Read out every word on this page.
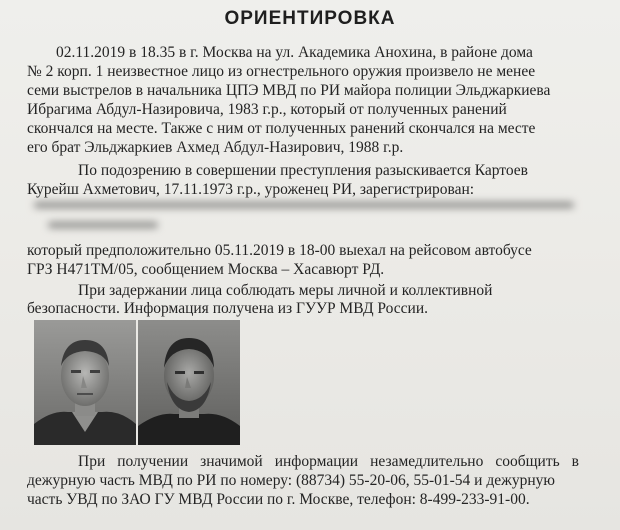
ОРИЕНТИРОВКА
02.11.2019 в 18.35 в г. Москва на ул. Академика Анохина, в районе дома
№ 2 корп. 1 неизвестное лицо из огнестрельного оружия произвело не менее
семи выстрелов в начальника ЦПЭ МВД по РИ майора полиции Эльджаркиева
Ибрагима Абдул-Назировича, 1983 г.р., который от полученных ранений
скончался на месте. Также с ним от полученных ранений скончался на месте
его брат Эльджаркиев Ахмед Абдул-Назирович, 1988 г.р.
По подозрению в совершении преступления разыскивается Картоев
Курейш Ахметович, 17.11.1973 г.р., уроженец РИ, зарегистрирован:
который предположительно 05.11.2019 в 18-00 выехал на рейсовом автобусе
ГРЗ Н471ТМ/05, сообщением Москва – Хасавюрт РД.
При задержании лица соблюдать меры личной и коллективной
безопасности. Информация получена из ГУУР МВД России.
При получении значимой информации незамедлительно сообщить в
дежурную часть МВД по РИ по номеру: (88734) 55-20-06, 55-01-54 и дежурную
часть УВД по ЗАО ГУ МВД России по г. Москве, телефон: 8-499-233-91-00.
